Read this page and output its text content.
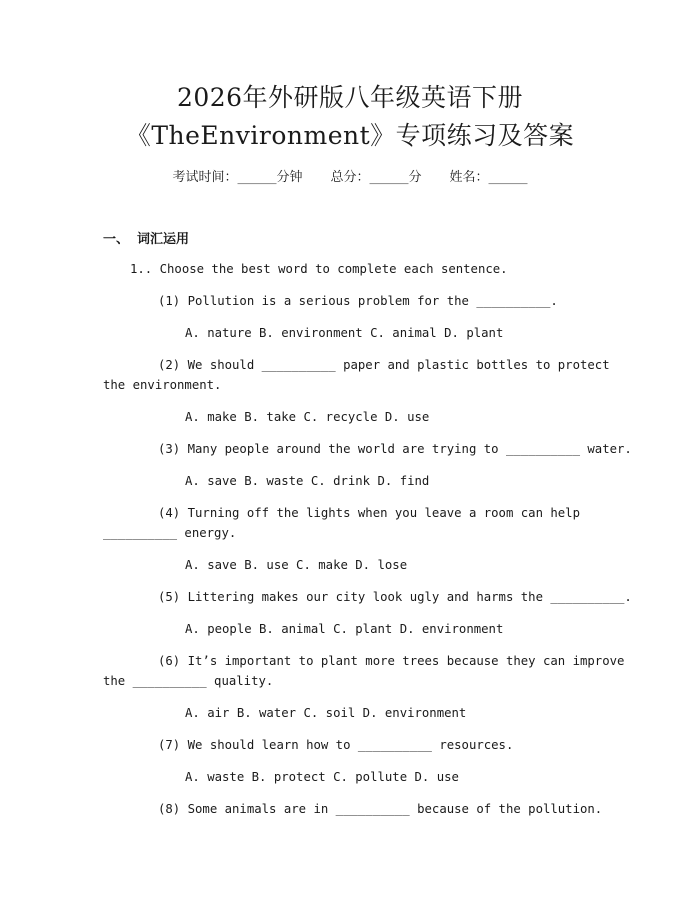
2026年外研版八年级英语下册
《TheEnvironment》专项练习及答案
考试时间：______分钟 总分：______分 姓名：______
一、 词汇运用
1.. Choose the best word to complete each sentence.
(1) Pollution is a serious problem for the __________.
A. nature B. environment C. animal D. plant
(2) We should __________ paper and plastic bottles to protect
the environment.
A. make B. take C. recycle D. use
(3) Many people around the world are trying to __________ water.
A. save B. waste C. drink D. find
(4) Turning off the lights when you leave a room can help
__________ energy.
A. save B. use C. make D. lose
(5) Littering makes our city look ugly and harms the __________.
A. people B. animal C. plant D. environment
(6) It’s important to plant more trees because they can improve
the __________ quality.
A. air B. water C. soil D. environment
(7) We should learn how to __________ resources.
A. waste B. protect C. pollute D. use
(8) Some animals are in __________ because of the pollution.
